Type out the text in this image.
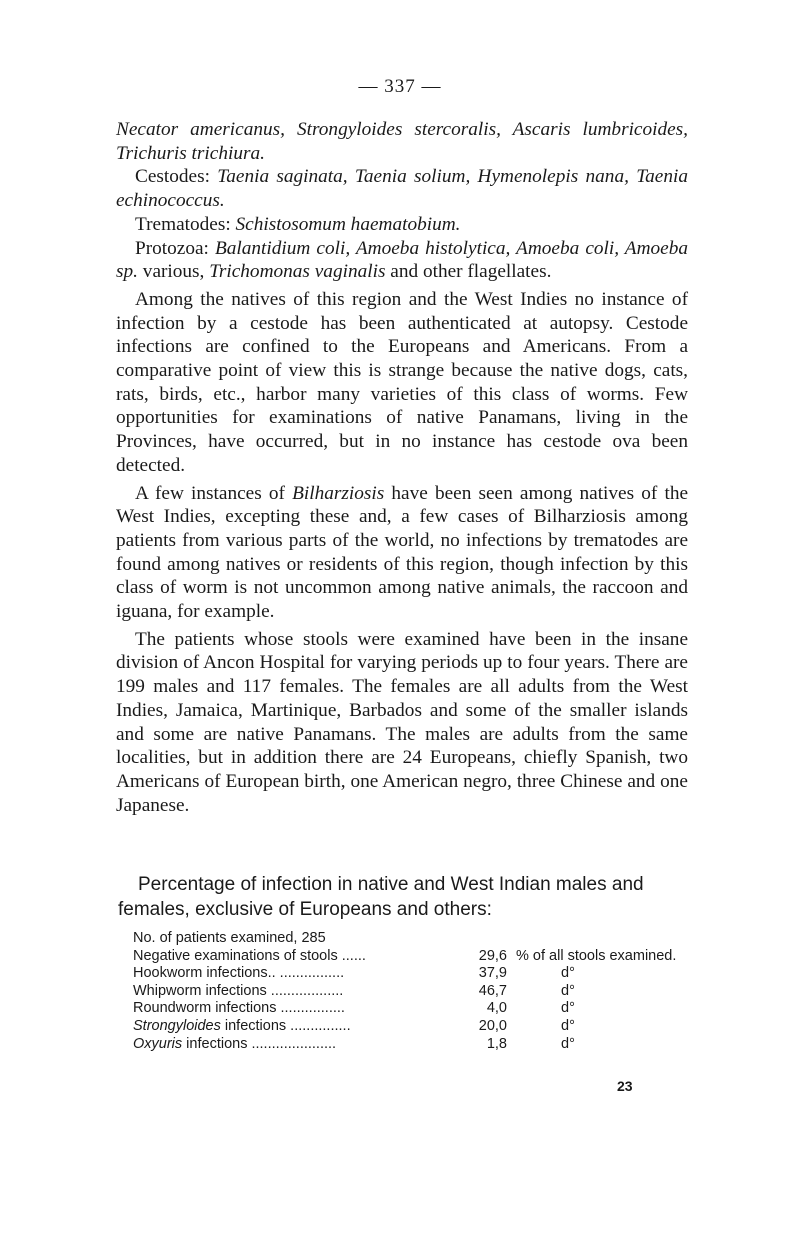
— 337 —

Necator americanus, Strongyloides stercoralis, Ascaris lumbricoides, Trichuris trichiura.

Cestodes: Taenia saginata, Taenia solium, Hymenolepis nana, Taenia echinococcus.

Trematodes: Schistosomum haematobium.

Protozoa: Balantidium coli, Amoeba histolytica, Amoeba coli, Amoeba sp. various, Trichomonas vaginalis and other flagellates.

Among the natives of this region and the West Indies no instance of infection by a cestode has been authenticated at autopsy. Cestode infections are confined to the Europeans and Americans. From a comparative point of view this is strange because the native dogs, cats, rats, birds, etc., harbor many varieties of this class of worms. Few opportunities for examinations of native Panamans, living in the Provinces, have occurred, but in no instance has cestode ova been detected.

A few instances of Bilharziosis have been seen among natives of the West Indies, excepting these and, a few cases of Bilharziosis among patients from various parts of the world, no infections by trematodes are found among natives or residents of this region, though infection by this class of worm is not uncommon among native animals, the raccoon and iguana, for example.

The patients whose stools were examined have been in the insane division of Ancon Hospital for varying periods up to four years. There are 199 males and 117 females. The females are all adults from the West Indies, Jamaica, Martinique, Barbados and some of the smaller islands and some are native Panamans. The males are adults from the same localities, but in addition there are 24 Europeans, chiefly Spanish, two Americans of European birth, one American negro, three Chinese and one Japanese.

Percentage of infection in native and West Indian males and females, exclusive of Europeans and others:

No. of patients examined, 285
Negative examinations of stools ......	29,6 % of all stools examined.
Hookworm infections.. ................	37,9	d°
Whipworm infections ..................	46,7	d°
Roundworm infections ................	4,0	d°
Strongyloides infections ...............	20,0	d°
Oxyuris infections .....................	1,8	d°
23
